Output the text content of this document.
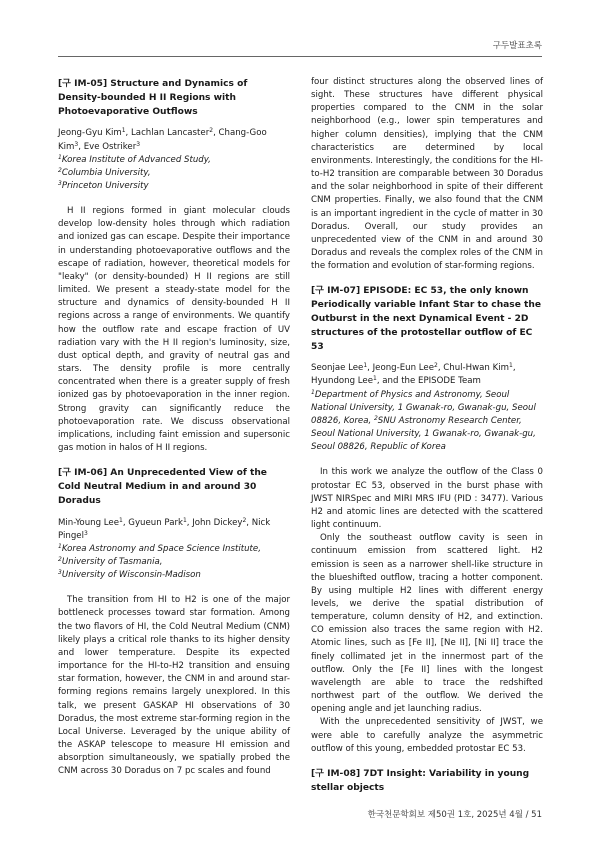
구두발표초록

[구 IM-05] Structure and Dynamics of Density-bounded H II Regions with Photoevaporative Outflows

Jeong-Gyu Kim$^1$, Lachlan Lancaster$^2$, Chang-Goo Kim$^3$, Eve Ostriker$^3$

$^1$Korea Institute of Advanced Study,

$^2$Columbia University,

$^3$Princeton University

H II regions formed in giant molecular clouds develop low-density holes through which radiation and ionized gas can escape. Despite their importance in understanding photoevaporative outflows and the escape of radiation, however, theoretical models for "leaky" (or density-bounded) H II regions are still limited. We present a steady-state model for the structure and dynamics of density-bounded H II regions across a range of environments. We quantify how the outflow rate and escape fraction of UV radiation vary with the H II region's luminosity, size, dust optical depth, and gravity of neutral gas and stars. The density profile is more centrally concentrated when there is a greater supply of fresh ionized gas by photoevaporation in the inner region. Strong gravity can significantly reduce the photoevaporation rate. We discuss observational implications, including faint emission and supersonic gas motion in halos of H II regions.

[구 IM-06] An Unprecedented View of the Cold Neutral Medium in and around 30 Doradus

Min-Young Lee$^1$, Gyueun Park$^1$, John Dickey$^2$, Nick Pingel$^3$

$^1$Korea Astronomy and Space Science Institute,

$^2$University of Tasmania,

$^3$University of Wisconsin-Madison

The transition from HI to H2 is one of the major bottleneck processes toward star formation. Among the two flavors of HI, the Cold Neutral Medium (CNM) likely plays a critical role thanks to its higher density and lower temperature. Despite its expected importance for the HI-to-H2 transition and ensuing star formation, however, the CNM in and around star-forming regions remains largely unexplored. In this talk, we present GASKAP HI observations of 30 Doradus, the most extreme star-forming region in the Local Universe. Leveraged by the unique ability of the ASKAP telescope to measure HI emission and absorption simultaneously, we spatially probed the CNM across 30 Doradus on 7 pc scales and found

four distinct structures along the observed lines of sight. These structures have different physical properties compared to the CNM in the solar neighborhood (e.g., lower spin temperatures and higher column densities), implying that the CNM characteristics are determined by local environments. Interestingly, the conditions for the HI-to-H2 transition are comparable between 30 Doradus and the solar neighborhood in spite of their different CNM properties. Finally, we also found that the CNM is an important ingredient in the cycle of matter in 30 Doradus. Overall, our study provides an unprecedented view of the CNM in and around 30 Doradus and reveals the complex roles of the CNM in the formation and evolution of star-forming regions.

[구 IM-07] EPISODE: EC 53, the only known Periodically variable Infant Star to chase the Outburst in the next Dynamical Event - 2D structures of the protostellar outflow of EC 53

Seonjae Lee$^1$, Jeong-Eun Lee$^2$, Chul-Hwan Kim$^1$, Hyundong Lee$^1$, and the EPISODE Team

$^1$Department of Physics and Astronomy, Seoul National University, 1 Gwanak-ro, Gwanak-gu, Seoul 08826, Korea, $^2$SNU Astronomy Research Center, Seoul National University, 1 Gwanak-ro, Gwanak-gu, Seoul 08826, Republic of Korea

In this work we analyze the outflow of the Class 0 protostar EC 53, observed in the burst phase with JWST NIRSpec and MIRI MRS IFU (PID : 3477). Various H2 and atomic lines are detected with the scattered light continuum.

Only the southeast outflow cavity is seen in continuum emission from scattered light. H2 emission is seen as a narrower shell-like structure in the blueshifted outflow, tracing a hotter component. By using multiple H2 lines with different energy levels, we derive the spatial distribution of temperature, column density of H2, and extinction. CO emission also traces the same region with H2. Atomic lines, such as [Fe II], [Ne II], [Ni II] trace the finely collimated jet in the innermost part of the outflow. Only the [Fe II] lines with the longest wavelength are able to trace the redshifted northwest part of the outflow. We derived the opening angle and jet launching radius.

With the unprecedented sensitivity of JWST, we were able to carefully analyze the asymmetric outflow of this young, embedded protostar EC 53.

[구 IM-08] 7DT Insight: Variability in young stellar objects

한국천문학회보 제50권 1호, 2025년 4월 / 51
